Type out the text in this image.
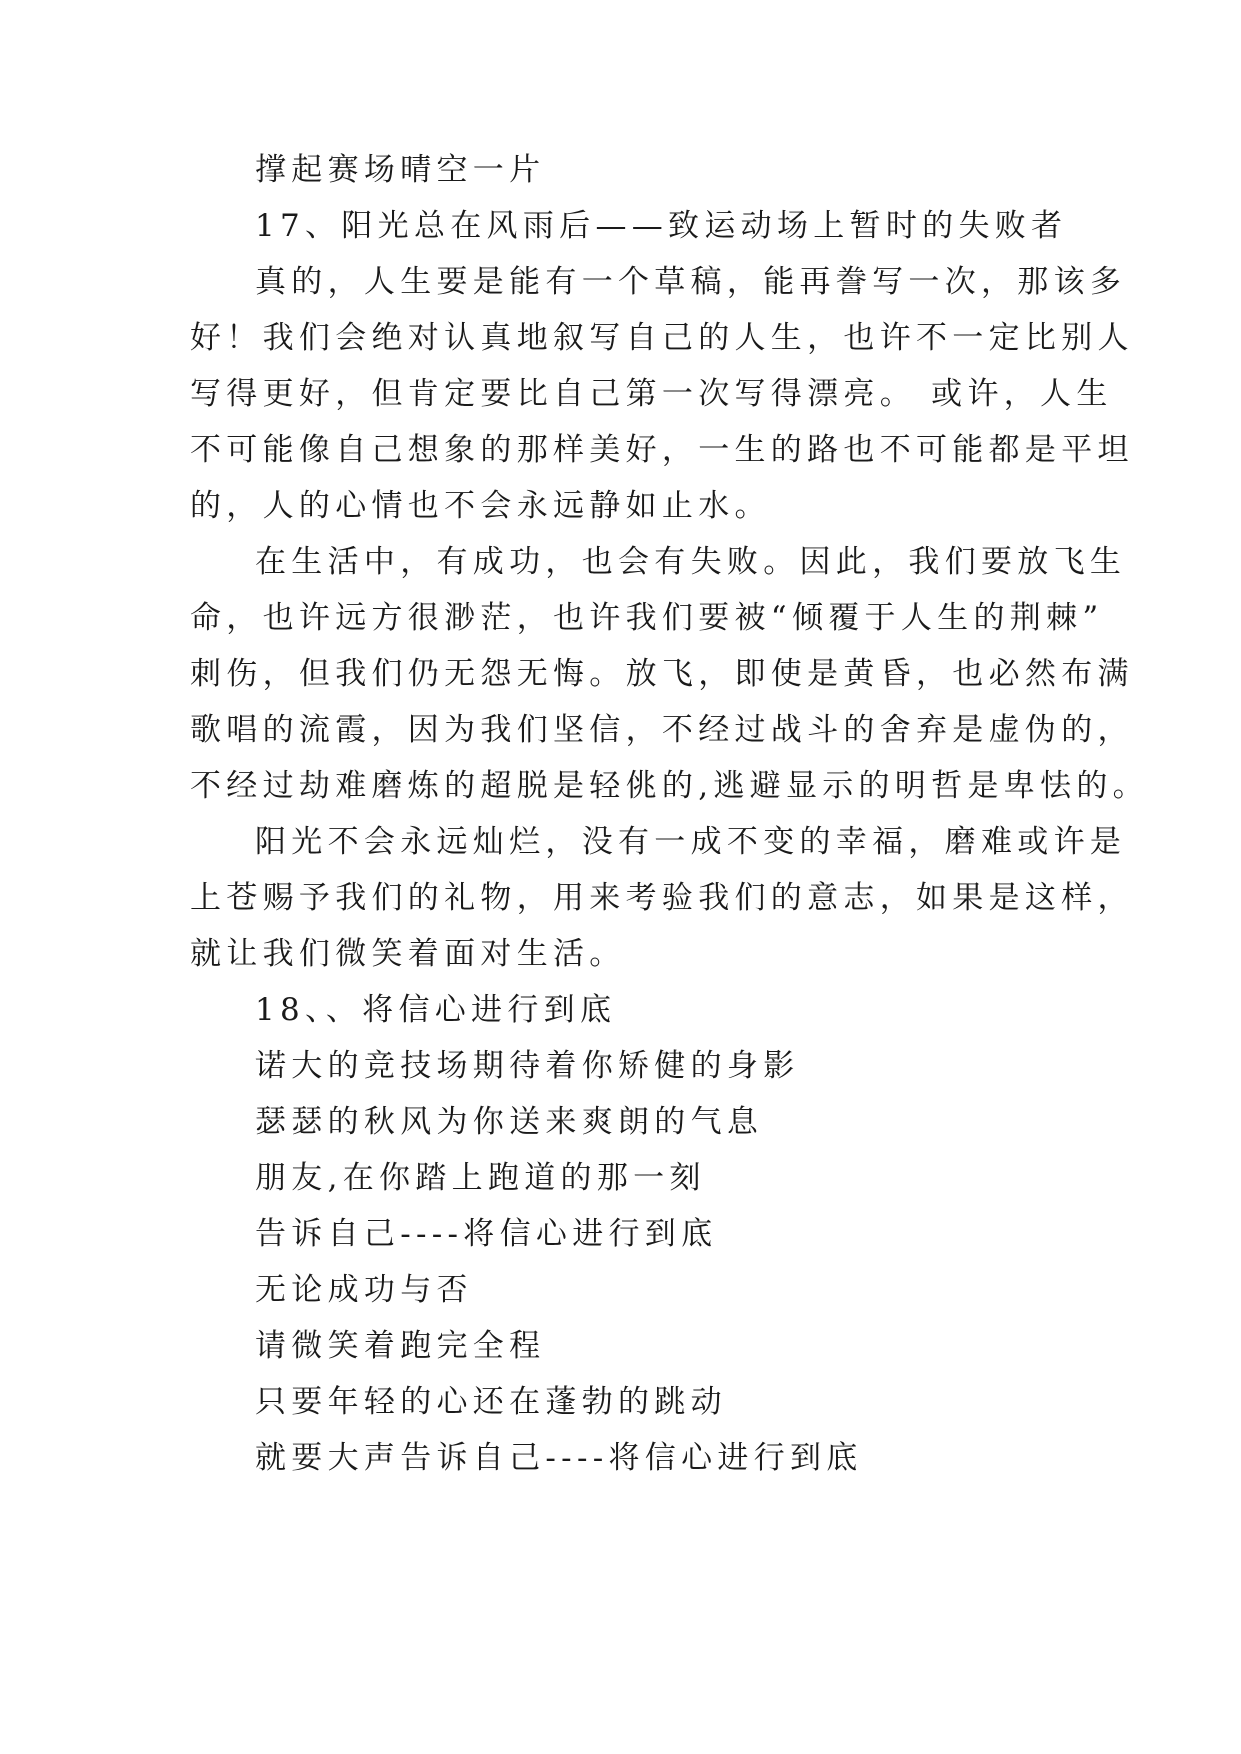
撑起赛场晴空一片
17、阳光总在风雨后——致运动场上暂时的失败者
真的，人生要是能有一个草稿，能再誊写一次，那该多
好！我们会绝对认真地叙写自己的人生，也许不一定比别人
写得更好，但肯定要比自己第一次写得漂亮。 或许，人生
不可能像自己想象的那样美好，一生的路也不可能都是平坦
的，人的心情也不会永远静如止水。
在生活中，有成功，也会有失败。因此，我们要放飞生
命，也许远方很渺茫，也许我们要被“倾覆于人生的荆棘”
刺伤，但我们仍无怨无悔。放飞，即使是黄昏，也必然布满
歌唱的流霞，因为我们坚信，不经过战斗的舍弃是虚伪的，
不经过劫难磨炼的超脱是轻佻的,逃避显示的明哲是卑怯的。
阳光不会永远灿烂，没有一成不变的幸福，磨难或许是
上苍赐予我们的礼物，用来考验我们的意志，如果是这样，
就让我们微笑着面对生活。
18、、将信心进行到底
诺大的竞技场期待着你矫健的身影
瑟瑟的秋风为你送来爽朗的气息
朋友,在你踏上跑道的那一刻
告诉自己----将信心进行到底
无论成功与否
请微笑着跑完全程
只要年轻的心还在蓬勃的跳动
就要大声告诉自己----将信心进行到底
